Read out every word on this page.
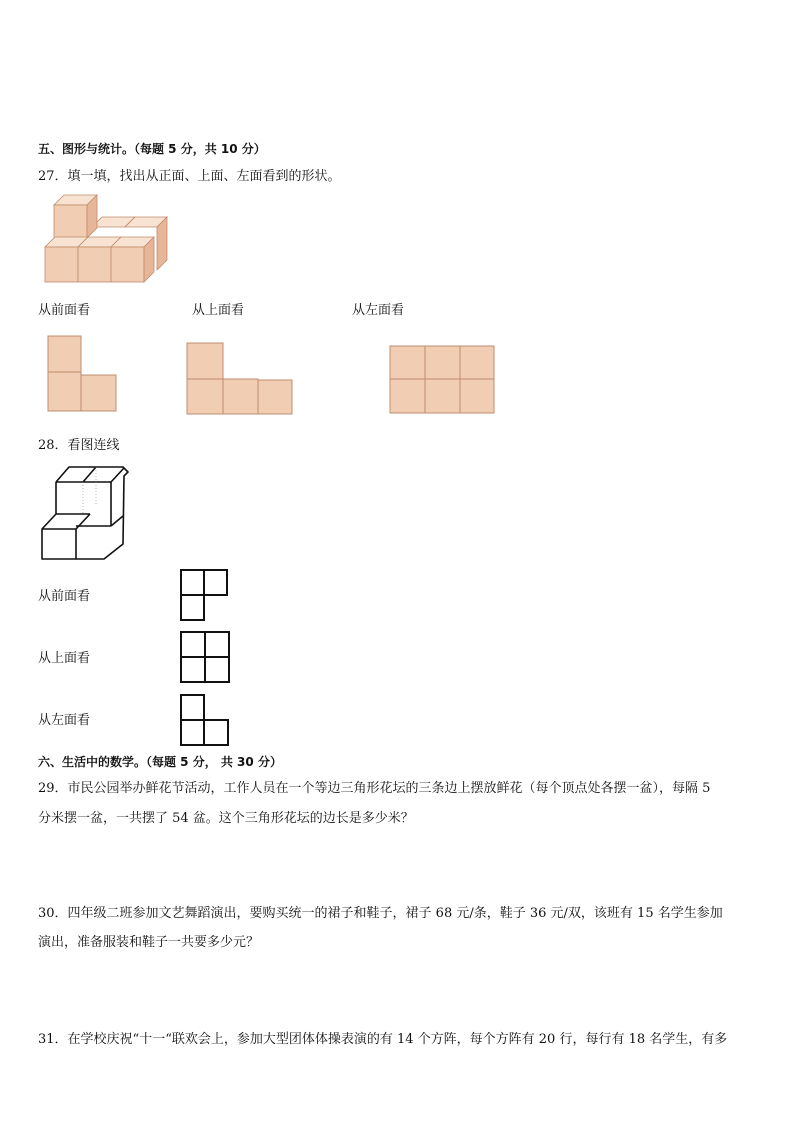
五、图形与统计。（每题 5 分，共 10 分）
27．填一填，找出从正面、上面、左面看到的形状。
从前面看	从上面看	从左面看
28．看图连线
从前面看
从上面看
从左面看
六、生活中的数学。（每题 5 分， 共 30 分）
29．市民公园举办鲜花节活动，工作人员在一个等边三角形花坛的三条边上摆放鲜花（每个顶点处各摆一盆），每隔 5
分米摆一盆，一共摆了 54 盆。这个三角形花坛的边长是多少米？
30．四年级二班参加文艺舞蹈演出，要购买统一的裙子和鞋子，裙子 68 元/条，鞋子 36 元/双，该班有 15 名学生参加
演出，准备服装和鞋子一共要多少元？
31．在学校庆祝“十一“联欢会上，参加大型团体体操表演的有 14 个方阵，每个方阵有 20 行，每行有 18 名学生，有多
